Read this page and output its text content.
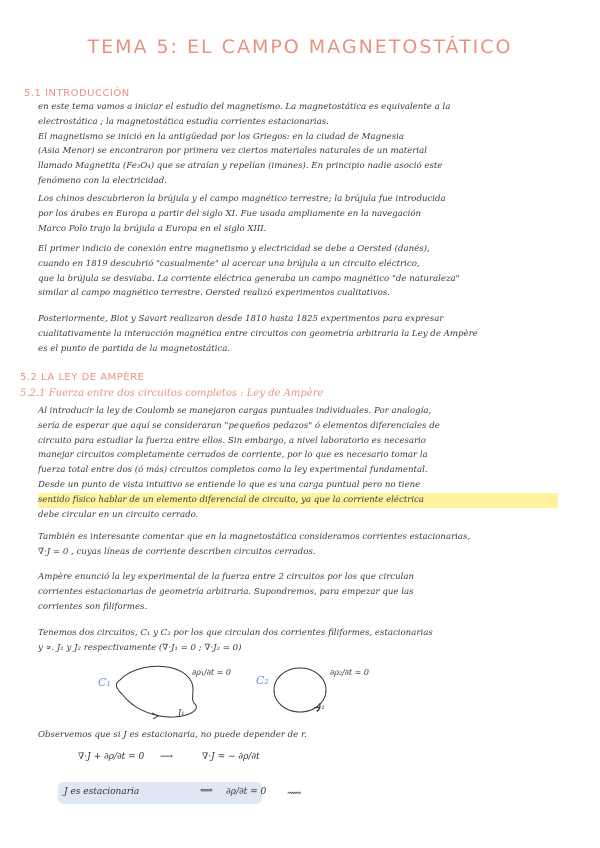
TEMA 5: EL CAMPO MAGNETOSTÁTICO
5.1 INTRODUCCIÓN
en este tema vamos a iniciar el estudio del magnetismo. La magnetostática es equivalente a la
electrostática ; la magnetostática estudia corrientes estacionarias.
El magnetismo se inició en la antigüedad por los Griegos: en la ciudad de Magnesia
(Asia Menor) se encontraron por primera vez ciertos materiales naturales de un material
llamado Magnetita (Fe₃O₄) que se atraían y repelían (imanes). En principio nadie asoció este
fenómeno con la electricidad.
Los chinos descubrieron la brújula y el campo magnético terrestre; la brújula fue introducida
por los árabes en Europa a partir del siglo XI. Fue usada ampliamente en la navegación
Marco Polo trajo la brújula a Europa en el siglo XIII.
El primer indicio de conexión entre magnetismo y electricidad se debe a Oersted (danés),
cuando en 1819 descubrió "casualmente" al acercar una brújula a un circuito eléctrico,
que la brújula se desviaba. La corriente eléctrica generaba un campo magnético "de naturaleza"
similar al campo magnético terrestre. Oersted realizó experimentos cualitativos.
Posteriormente, Biot y Savart realizaron desde 1810 hasta 1825 experimentos para expresar
cualitativamente la interacción magnética entre circuitos con geometría arbitraria la Ley de Ampère
es el punto de partida de la magnetostática.
5.2 LA LEY DE AMPÈRE
5.2.1 Fuerza entre dos circuitos completos : Ley de Ampère
Al introducir la ley de Coulomb se manejaron cargas puntuales individuales. Por analogía,
sería de esperar que aquí se consideraran "pequeños pedazos" ó elementos diferenciales de
circuito para estudiar la fuerza entre ellos. Sin embargo, a nivel laboratorio es necesario
manejar circuitos completamente cerrados de corriente, por lo que es necesario tomar la
fuerza total entre dos (ó más) circuitos completos como la ley experimental fundamental.
Desde un punto de vista intuitivo se entiende lo que es una carga puntual pero no tiene
sentido físico hablar de un elemento diferencial de circuito, ya que la corriente eléctrica
debe circular en un circuito cerrado.
También es interesante comentar que en la magnetostática consideramos corrientes estacionarias,
∇·J = 0 , cuyas líneas de corriente describen circuitos cerrados.
Ampère enunció la ley experimental de la fuerza entre 2 circuitos por los que circulan
corrientes estacionarias de geometría arbitraria. Supondremos, para empezar que las
corrientes son filiformes.
Tenemos dos circuitos, C₁ y C₂ por los que circulan dos corrientes filiformes, estacionarias
y ∝. J₁ y J₂ respectivamente (∇·J₁ = 0 ; ∇·J₂ = 0)
C₁	C₂
J₁
J₂
∂ρ₁/∂t = 0	∂ρ₂/∂t = 0
Observemos que si J es estacionaria, no puede depender de r.
∇·J + ∂ρ/∂t = 0 ⟶	∇·J = − ∂ρ/∂t
J es estacionaria	⟺ ∂ρ/∂t = 0 ⟿
